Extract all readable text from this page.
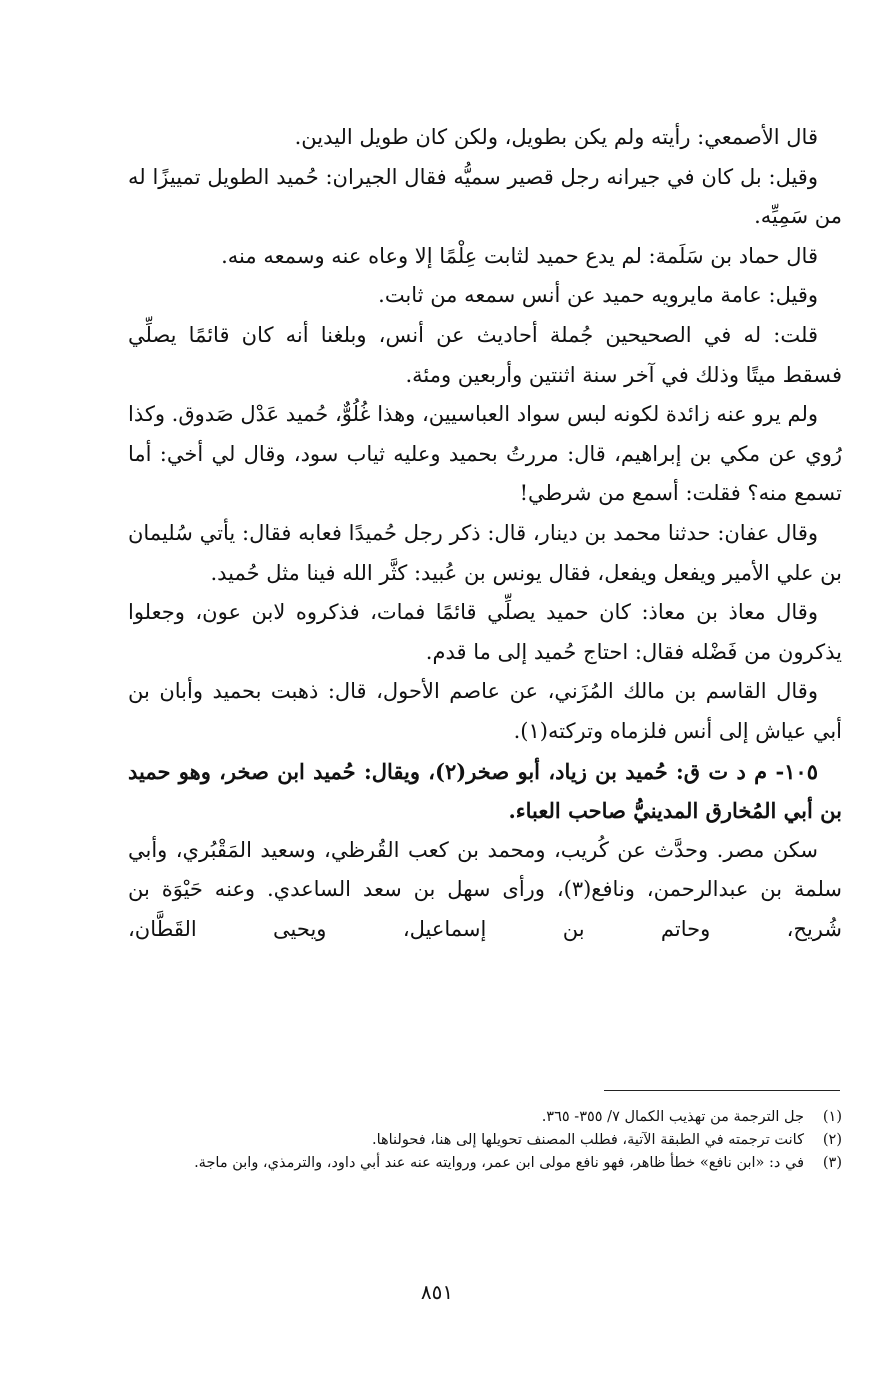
قال الأصمعي: رأيته ولم يكن بطويل، ولكن كان طويل اليدين.

وقيل: بل كان في جيرانه رجل قصير سميُّه فقال الجيران: حُميد الطويل تمييزًا له من سَمِيِّه.

قال حماد بن سَلَمة: لم يدع حميد لثابت عِلْمًا إلا وعاه عنه وسمعه منه.

وقيل: عامة مايرويه حميد عن أنس سمعه من ثابت.

قلت: له في الصحيحين جُملة أحاديث عن أنس، وبلغنا أنه كان قائمًا يصلِّي فسقط ميتًا وذلك في آخر سنة اثنتين وأربعين ومئة.

ولم يرو عنه زائدة لكونه لبس سواد العباسيين، وهذا غُلُوٌّ، حُميد عَدْل صَدوق. وكذا رُوي عن مكي بن إبراهيم، قال: مررتُ بحميد وعليه ثياب سود، وقال لي أخي: أما تسمع منه؟ فقلت: أسمع من شرطي!

وقال عفان: حدثنا محمد بن دينار، قال: ذكر رجل حُميدًا فعابه فقال: يأتي سُليمان بن علي الأمير ويفعل ويفعل، فقال يونس بن عُبيد: كثَّر الله فينا مثل حُميد.

وقال معاذ بن معاذ: كان حميد يصلِّي قائمًا فمات، فذكروه لابن عون، وجعلوا يذكرون من فَضْله فقال: احتاج حُميد إلى ما قدم.

وقال القاسم بن مالك المُزَني، عن عاصم الأحول، قال: ذهبت بحميد وأبان بن أبي عياش إلى أنس فلزماه وتركته(١).

١٠٥- م د ت ق: حُميد بن زياد، أبو صخر(٢)، ويقال: حُميد ابن صخر، وهو حميد بن أبي المُخارق المدينيُّ صاحب العباء.

سكن مصر. وحدَّث عن كُريب، ومحمد بن كعب القُرظي، وسعيد المَقْبُري، وأبي سلمة بن عبدالرحمن، ونافع(٣)، ورأى سهل بن سعد الساعدي. وعنه حَيْوَة بن شُريح، وحاتم بن إسماعيل، ويحيى القَطَّان،

(١)
جل الترجمة من تهذيب الكمال ٧/ ٣٥٥- ٣٦٥.
(٢)
كانت ترجمته في الطبقة الآتية، فطلب المصنف تحويلها إلى هنا، فحولناها.
(٣)
في د: «ابن نافع» خطأ ظاهر، فهو نافع مولى ابن عمر، وروايته عنه عند أبي داود، والترمذي، وابن ماجة.
٨٥١
